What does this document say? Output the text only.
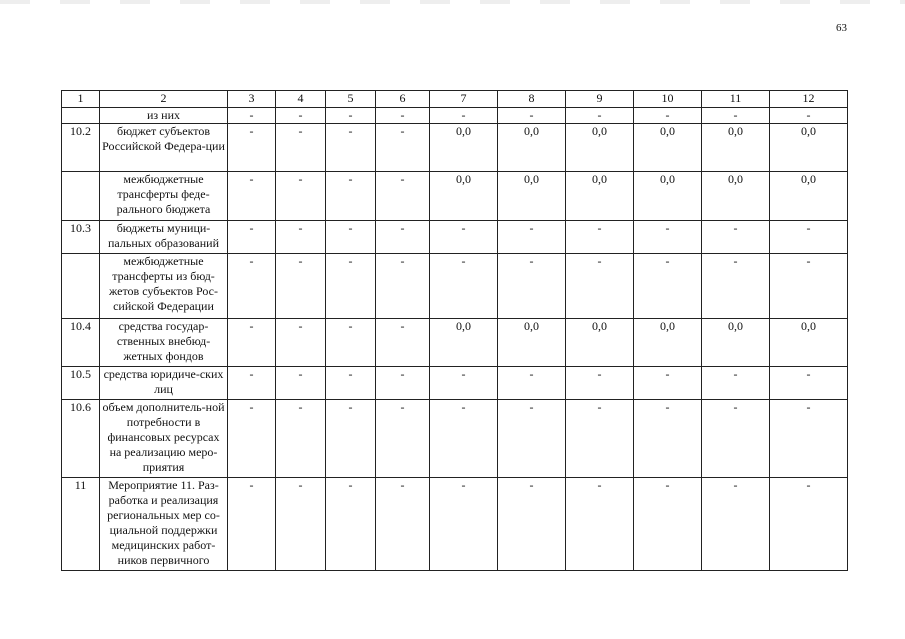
63
1	2	3	4	5	6	7	8	9	10	11	12
	из них	-	-	-	-	-	-	-	-	-	-
10.2	бюджет субъектов Российской Федера-ции	-	-	-	-	0,0	0,0	0,0	0,0	0,0	0,0
	межбюджетные трансферты феде-рального бюджета	-	-	-	-	0,0	0,0	0,0	0,0	0,0	0,0
10.3	бюджеты муници-пальных образований	-	-	-	-	-	-	-	-	-	-
	межбюджетные трансферты из бюд-жетов субъектов Рос-сийской Федерации	-	-	-	-	-	-	-	-	-	-
10.4	средства государ-ственных внебюд-жетных фондов	-	-	-	-	0,0	0,0	0,0	0,0	0,0	0,0
10.5	средства юридиче-ских лиц	-	-	-	-	-	-	-	-	-	-
10.6	объем дополнитель-ной потребности в финансовых ресурсах на реализацию меро-приятия	-	-	-	-	-	-	-	-	-	-
11	Мероприятие 11. Раз-работка и реализация региональных мер со-циальной поддержки медицинских работ-ников первичного	-	-	-	-	-	-	-	-	-	-
